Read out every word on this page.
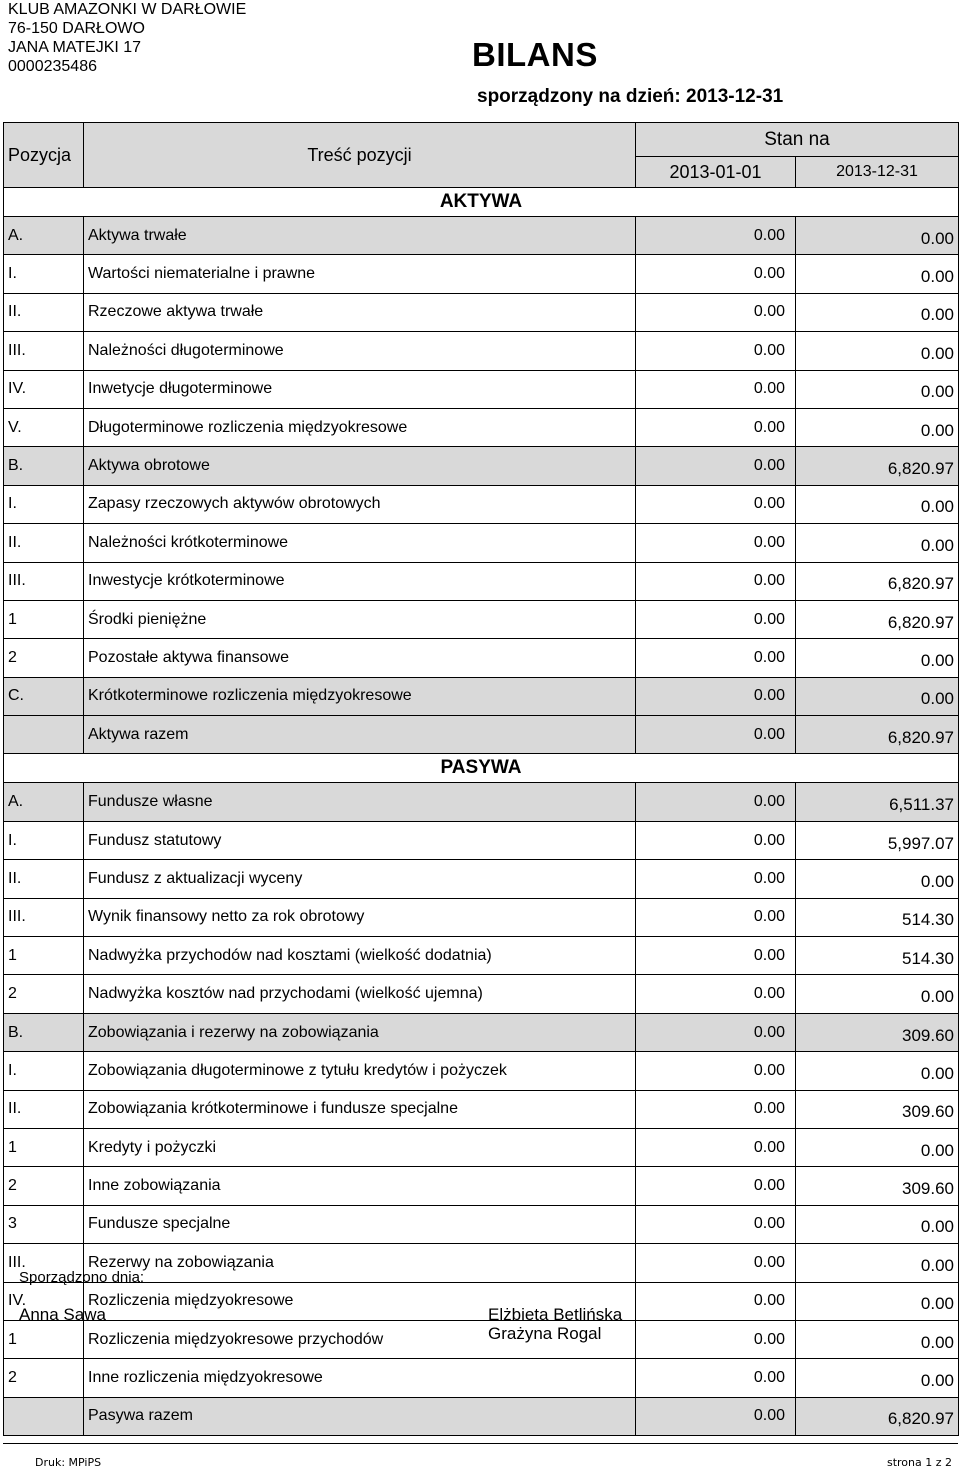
KLUB AMAZONKI W DARŁOWIE
76-150 DARŁOWO
JANA MATEJKI 17
0000235486	BILANS
sporządzony na dzień: 2013-12-31
Pozycja	Treść pozycji	Stan na	
		2013-01-01	2013-12-31
AKTYWA			
A.	Aktywa trwałe	0.00	0.00
I.	Wartości niematerialne i prawne	0.00	0.00
II.	Rzeczowe aktywa trwałe	0.00	0.00
III.	Należności długoterminowe	0.00	0.00
IV.	Inwetycje długoterminowe	0.00	0.00
V.	Długoterminowe rozliczenia międzyokresowe	0.00	0.00
B.	Aktywa obrotowe	0.00	6,820.97
I.	Zapasy rzeczowych aktywów obrotowych	0.00	0.00
II.	Należności krótkoterminowe	0.00	0.00
III.	Inwestycje krótkoterminowe	0.00	6,820.97
1	Środki pieniężne	0.00	6,820.97
2	Pozostałe aktywa finansowe	0.00	0.00
C.	Krótkoterminowe rozliczenia międzyokresowe	0.00	0.00
	Aktywa razem	0.00	6,820.97
PASYWA			
A.	Fundusze własne	0.00	6,511.37
I.	Fundusz statutowy	0.00	5,997.07
II.	Fundusz z aktualizacji wyceny	0.00	0.00
III.	Wynik finansowy netto za rok obrotowy	0.00	514.30
1	Nadwyżka przychodów nad kosztami (wielkość dodatnia)	0.00	514.30
2	Nadwyżka kosztów nad przychodami (wielkość ujemna)	0.00	0.00
B.	Zobowiązania i rezerwy na zobowiązania	0.00	309.60
I.	Zobowiązania długoterminowe z tytułu kredytów i pożyczek	0.00	0.00
II.	Zobowiązania krótkoterminowe i fundusze specjalne	0.00	309.60
1	Kredyty i pożyczki	0.00	0.00
2	Inne zobowiązania	0.00	309.60
3	Fundusze specjalne	0.00	0.00
III.	Rezerwy na zobowiązania	0.00	0.00
IV.	Rozliczenia międzyokresowe	0.00	0.00
1	Rozliczenia międzyokresowe przychodów	0.00	0.00
2	Inne rozliczenia międzyokresowe	0.00	0.00
	Pasywa razem	0.00	6,820.97
Sporządzono dnia:
Anna Sawa	Elżbieta Betlińska
Grażyna Rogal
Druk: MPiPS	strona 1 z 2
